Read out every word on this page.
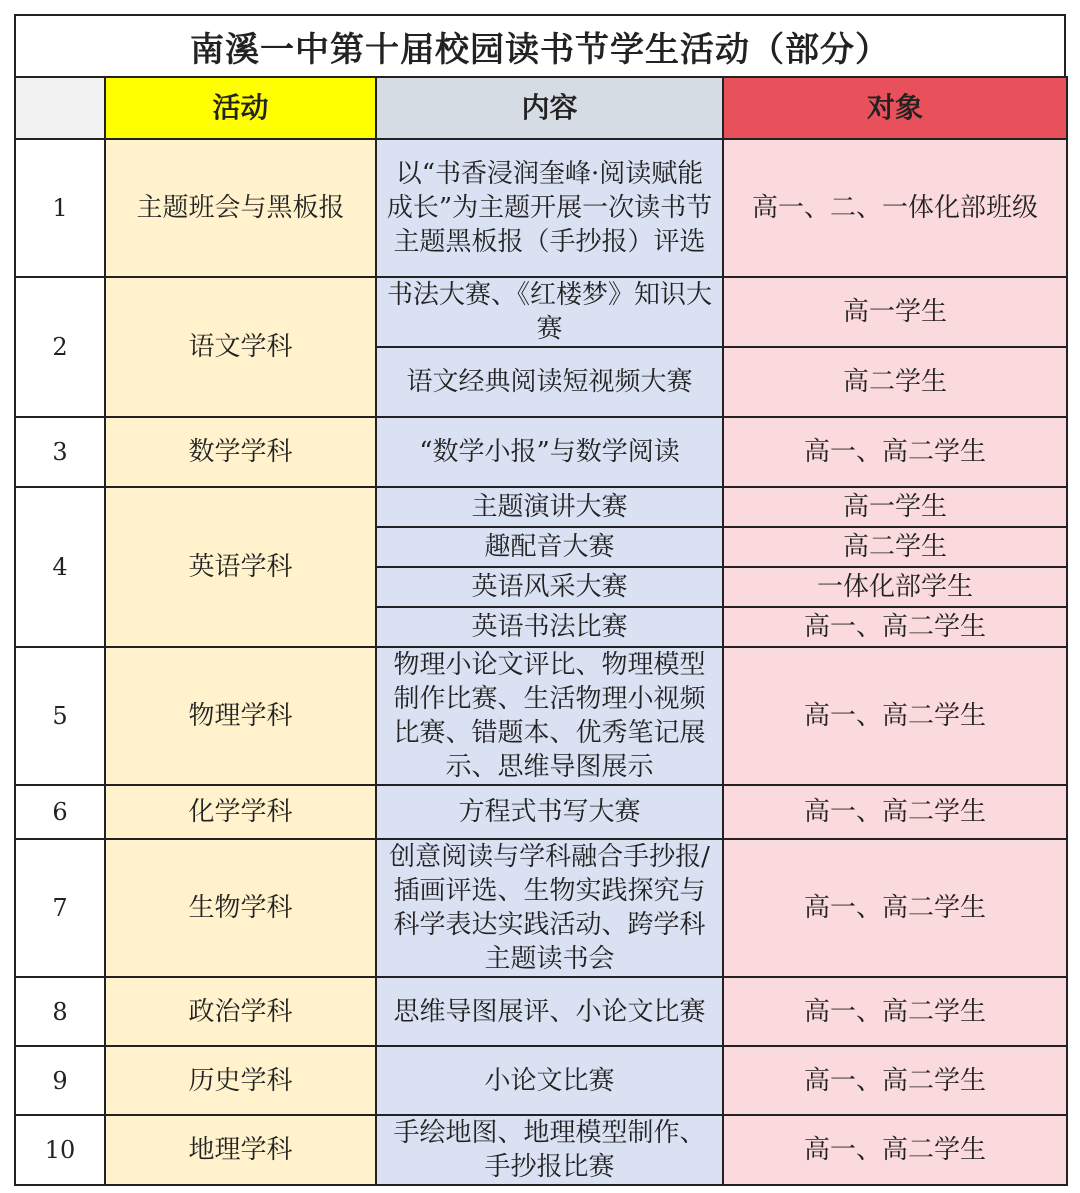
南溪一中第十届校园读书节学生活动（部分）
	活动	内容	对象
1	主题班会与黑板报	以“书香浸润奎峰·阅读赋能成长”为主题开展一次读书节主题黑板报（手抄报）评选	高一、二、一体化部班级
2	语文学科	书法大赛、《红楼梦》知识大赛	高一学生
		语文经典阅读短视频大赛	高二学生
3	数学学科	“数学小报”与数学阅读	高一、高二学生
4	英语学科	主题演讲大赛	高一学生
		趣配音大赛	高二学生
		英语风采大赛	一体化部学生
		英语书法比赛	高一、高二学生
5	物理学科	物理小论文评比、物理模型制作比赛、生活物理小视频比赛、错题本、优秀笔记展示、思维导图展示	高一、高二学生
6	化学学科	方程式书写大赛	高一、高二学生
7	生物学科	创意阅读与学科融合手抄报/插画评选、生物实践探究与科学表达实践活动、跨学科主题读书会	高一、高二学生
8	政治学科	思维导图展评、小论文比赛	高一、高二学生
9	历史学科	小论文比赛	高一、高二学生
10	地理学科	手绘地图、地理模型制作、手抄报比赛	高一、高二学生
